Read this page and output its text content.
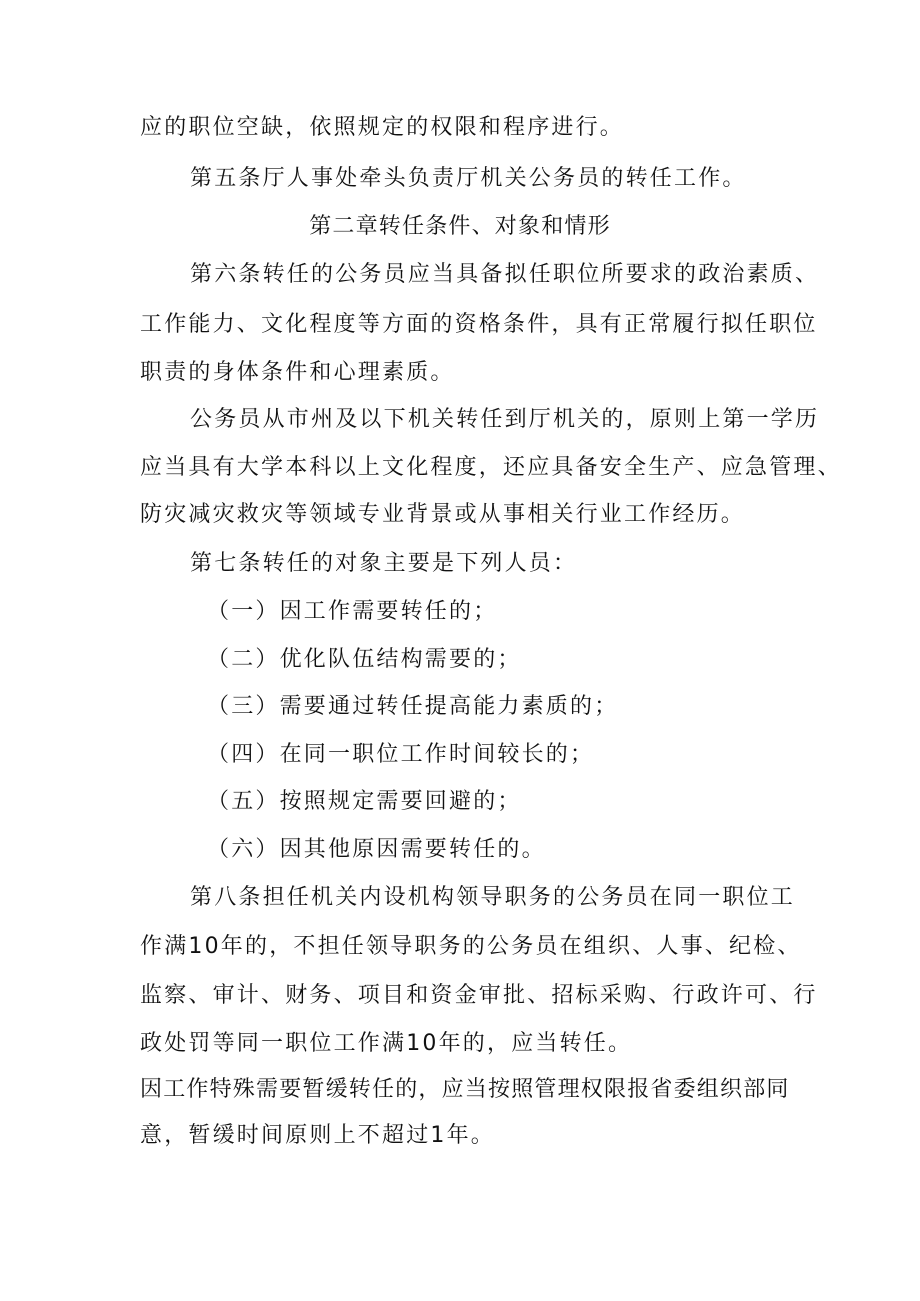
应的职位空缺，依照规定的权限和程序进行。
第五条厅人事处牵头负责厅机关公务员的转任工作。
第二章转任条件、对象和情形
第六条转任的公务员应当具备拟任职位所要求的政治素质、
工作能力、文化程度等方面的资格条件，具有正常履行拟任职位
职责的身体条件和心理素质。
公务员从市州及以下机关转任到厅机关的，原则上第一学历
应当具有大学本科以上文化程度，还应具备安全生产、应急管理、
防灾减灾救灾等领域专业背景或从事相关行业工作经历。
第七条转任的对象主要是下列人员：
（一）因工作需要转任的；
（二）优化队伍结构需要的；
（三）需要通过转任提高能力素质的；
（四）在同一职位工作时间较长的；
（五）按照规定需要回避的；
（六）因其他原因需要转任的。
第八条担任机关内设机构领导职务的公务员在同一职位工
作满10年的，不担任领导职务的公务员在组织、人事、纪检、
监察、审计、财务、项目和资金审批、招标采购、行政许可、行
政处罚等同一职位工作满10年的，应当转任。
因工作特殊需要暂缓转任的，应当按照管理权限报省委组织部同
意，暂缓时间原则上不超过1年。
